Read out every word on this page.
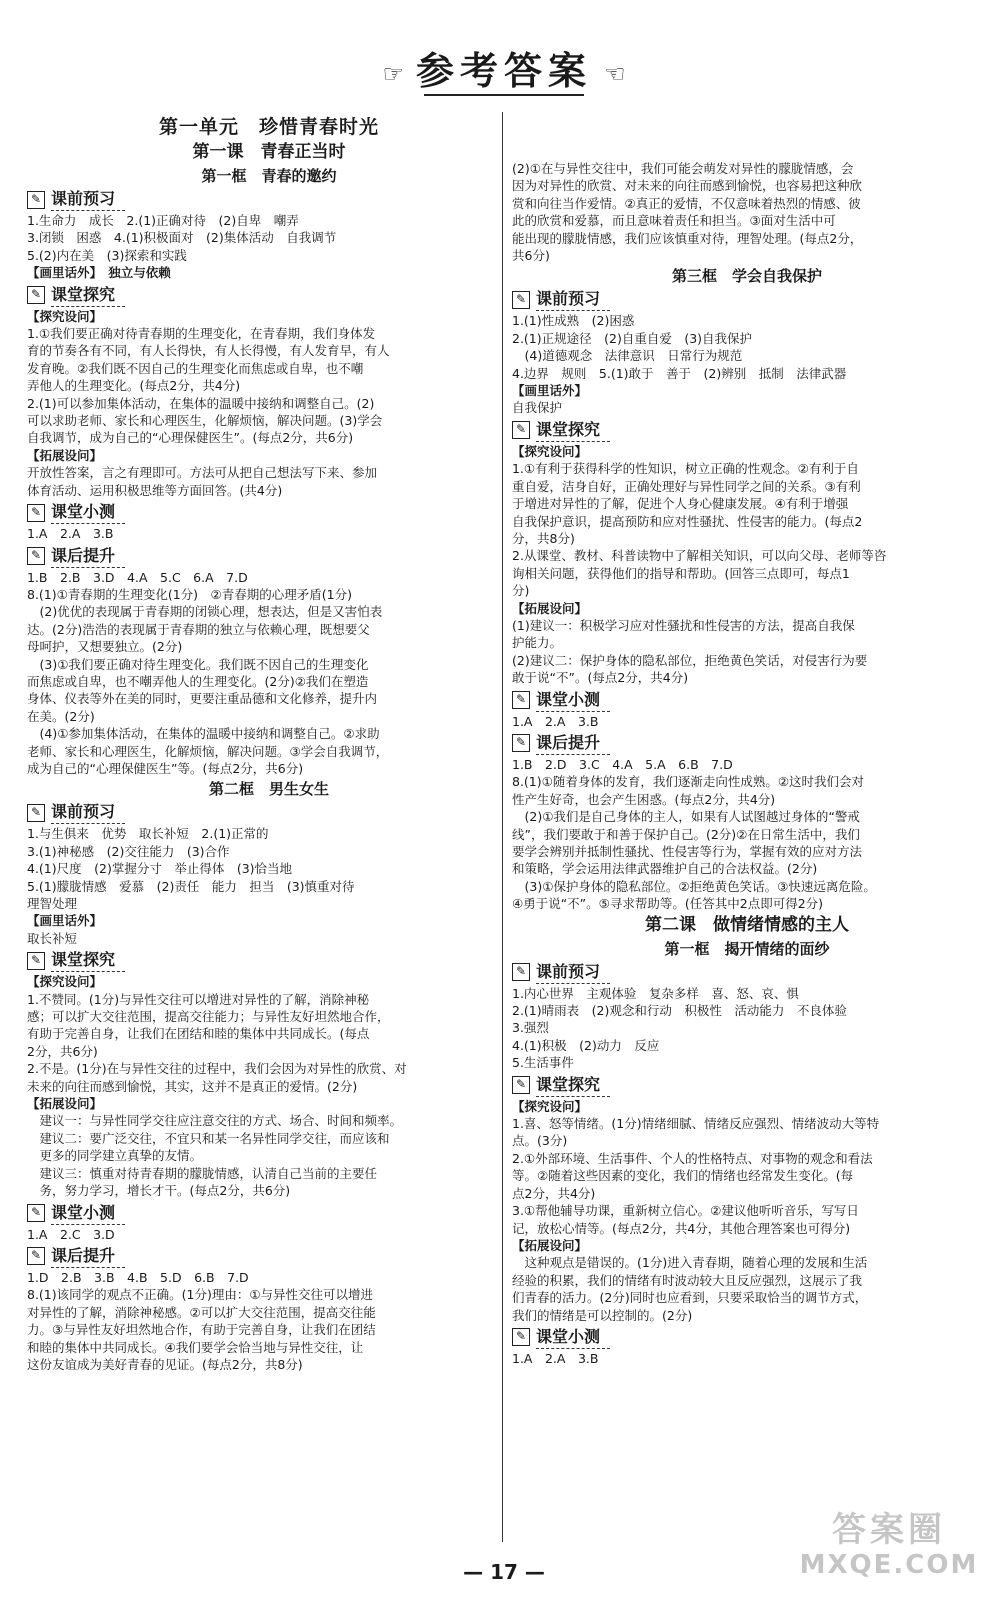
☞ 参考答案 ☜
第一单元　珍惜青春时光
第一课　青春正当时
第一框　青春的邀约
✎ 课前预习
1.生命力　成长　2.(1)正确对待　(2)自卑　嘲弄
3.闭锁　困惑　4.(1)积极面对　(2)集体活动　自我调节
5.(2)内在美　(3)探索和实践
【画里话外】　独立与依赖
✎ 课堂探究
【探究设问】
1.①我们要正确对待青春期的生理变化，在青春期，我们身体发
育的节奏各有不同，有人长得快，有人长得慢，有人发育早，有人
发育晚。②我们既不因自己的生理变化而焦虑或自卑，也不嘲
弄他人的生理变化。(每点2分，共4分)
2.(1)可以参加集体活动，在集体的温暖中接纳和调整自己。(2)
可以求助老师、家长和心理医生，化解烦恼，解决问题。(3)学会
自我调节，成为自己的“心理保健医生”。(每点2分，共6分)
【拓展设问】
开放性答案，言之有理即可。方法可从把自己想法写下来、参加
体育活动、运用积极思维等方面回答。(共4分)
✎ 课堂小测
1.A　2.A　3.B
✎ 课后提升
1.B　2.B　3.D　4.A　5.C　6.A　7.D
8.(1)①青春期的生理变化(1分)　②青春期的心理矛盾(1分)
　(2)优优的表现属于青春期的闭锁心理，想表达，但是又害怕表
达。(2分)浩浩的表现属于青春期的独立与依赖心理，既想要父
母呵护，又想要独立。(2分)
　(3)①我们要正确对待生理变化。我们既不因自己的生理变化
而焦虑或自卑，也不嘲弄他人的生理变化。(2分)②我们在塑造
身体、仪表等外在美的同时，更要注重品德和文化修养，提升内
在美。(2分)
　(4)①参加集体活动，在集体的温暖中接纳和调整自己。②求助
老师、家长和心理医生，化解烦恼，解决问题。③学会自我调节，
成为自己的“心理保健医生”等。(每点2分，共6分)
第二框　男生女生
✎ 课前预习
1.与生俱来　优势　取长补短　2.(1)正常的
3.(1)神秘感　(2)交往能力　(3)合作
4.(1)尺度　(2)掌握分寸　举止得体　(3)恰当地
5.(1)朦胧情感　爱慕　(2)责任　能力　担当　(3)慎重对待
理智处理
【画里话外】
取长补短
✎ 课堂探究
【探究设问】
1.不赞同。(1分)与异性交往可以增进对异性的了解，消除神秘
感；可以扩大交往范围，提高交往能力；与异性友好坦然地合作，
有助于完善自身，让我们在团结和睦的集体中共同成长。(每点
2分，共6分)
2.不是。(1分)在与异性交往的过程中，我们会因为对异性的欣赏、对
未来的向往而感到愉悦，其实，这并不是真正的爱情。(2分)
【拓展设问】
　建议一：与异性同学交往应注意交往的方式、场合、时间和频率。
　建议二：要广泛交往，不宜只和某一名异性同学交往，而应该和
　更多的同学建立真挚的友情。
　建议三：慎重对待青春期的朦胧情感，认清自己当前的主要任
　务，努力学习，增长才干。(每点2分，共6分)
✎ 课堂小测
1.A　2.C　3.D
✎ 课后提升
1.D　2.B　3.B　4.B　5.D　6.B　7.D
8.(1)该同学的观点不正确。(1分)理由：①与异性交往可以增进
对异性的了解，消除神秘感。②可以扩大交往范围，提高交往能
力。③与异性友好坦然地合作，有助于完善自身，让我们在团结
和睦的集体中共同成长。④我们要学会恰当地与异性交往，让
这份友谊成为美好青春的见证。(每点2分，共8分)
(2)①在与异性交往中，我们可能会萌发对异性的朦胧情感，会
因为对异性的欣赏、对未来的向往而感到愉悦，也容易把这种欣
赏和向往当作爱情。②真正的爱情，不仅意味着热烈的情感、彼
此的欣赏和爱慕，而且意味着责任和担当。③面对生活中可
能出现的朦胧情感，我们应该慎重对待，理智处理。(每点2分，
共6分)
第三框　学会自我保护
✎ 课前预习
1.(1)性成熟　(2)困惑
2.(1)正规途径　(2)自重自爱　(3)自我保护
　(4)道德观念　法律意识　日常行为规范
4.边界　规则　5.(1)敢于　善于　(2)辨别　抵制　法律武器
【画里话外】
自我保护
✎ 课堂探究
【探究设问】
1.①有利于获得科学的性知识，树立正确的性观念。②有利于自
重自爱，洁身自好，正确处理好与异性同学之间的关系。③有利
于增进对异性的了解，促进个人身心健康发展。④有利于增强
自我保护意识，提高预防和应对性骚扰、性侵害的能力。(每点2
分，共8分)
2.从课堂、教材、科普读物中了解相关知识，可以向父母、老师等咨
询相关问题，获得他们的指导和帮助。(回答三点即可，每点1
分)
【拓展设问】
(1)建议一：积极学习应对性骚扰和性侵害的方法，提高自我保
护能力。
(2)建议二：保护身体的隐私部位，拒绝黄色笑话，对侵害行为要
敢于说“不”。(每点2分，共4分)
✎ 课堂小测
1.A　2.A　3.B
✎ 课后提升
1.B　2.D　3.C　4.A　5.A　6.B　7.D
8.(1)①随着身体的发育，我们逐渐走向性成熟。②这时我们会对
性产生好奇，也会产生困惑。(每点2分，共4分)
　(2)①我们是自己身体的主人，如果有人试图越过身体的“警戒
线”，我们要敢于和善于保护自己。(2分)②在日常生活中，我们
要学会辨别并抵制性骚扰、性侵害等行为，掌握有效的应对方法
和策略，学会运用法律武器维护自己的合法权益。(2分)
　(3)①保护身体的隐私部位。②拒绝黄色笑话。③快速远离危险。
④勇于说“不”。⑤寻求帮助等。(任答其中2点即可得2分)
第二课　做情绪情感的主人
第一框　揭开情绪的面纱
✎ 课前预习
1.内心世界　主观体验　复杂多样　喜、怒、哀、惧
2.(1)晴雨表　(2)观念和行动　积极性　活动能力　不良体验
3.强烈
4.(1)积极　(2)动力　反应
5.生活事件
✎ 课堂探究
【探究设问】
1.喜、怒等情绪。(1分)情绪细腻、情绪反应强烈、情绪波动大等特
点。(3分)
2.①外部环境、生活事件、个人的性格特点、对事物的观念和看法
等。②随着这些因素的变化，我们的情绪也经常发生变化。(每
点2分，共4分)
3.①帮他辅导功课，重新树立信心。②建议他听听音乐，写写日
记，放松心情等。(每点2分，共4分，其他合理答案也可得分)
【拓展设问】
　这种观点是错误的。(1分)进入青春期，随着心理的发展和生活
经验的积累，我们的情绪有时波动较大且反应强烈，这展示了我
们青春的活力。(2分)同时也应看到，只要采取恰当的调节方式，
我们的情绪是可以控制的。(2分)
✎ 课堂小测
1.A　2.A　3.B
— 17 —
答案圈
MXQE.COM
